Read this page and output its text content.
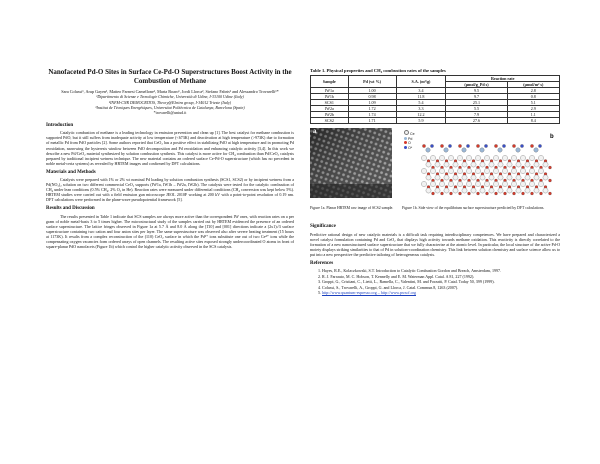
Nanofaceted Pd-O Sites in Surface Ce-Pd-O Superstructures Boost Activity in the Combustion of Methane
Sara Colussi¹, Arup Gayen¹, Matteo Farnesi Camellone¹, Marta Boaro¹, Jordi Llorca², Stefano Fabris³ and Alessandro Trovarelli¹*
¹Dipartimento di Scienze e Tecnologie Chimiche, Università di Udine, I-33100 Udine (Italy)
²INFM-CNR DEMOCRITOS, Theory@Elettra group, I-34012 Trieste (Italy)
³Institut de Tècniques Energètiques, Universitat Politècnica de Catalunya, Barcelona (Spain)
*trovarelli@uniud.it
Introduction

Catalytic combustion of methane is a leading technology in emission prevention and clean up [1]. The best catalyst for methane combustion is supported PdO, but it still suffers from inadequate activity at low temperature (<673K) and deactivation at high temperature (>973K) due to formation of metallic Pd from PdO particles [2]. Some authors reported that CeO₂ has a positive effect in stabilizing PdO at high temperature and in promoting Pd reoxidation, narrowing the hysteresis window between PdO decomposition and Pd reoxidation and enhancing catalytic activity [3,4]. In this work we describe a new Pd/CeO₂ material synthesized by solution combustion synthesis. This catalyst is more active for CH₄ combustion than Pd/CeO₂ catalysts prepared by traditional incipient wetness technique. The new material contains an ordered surface Ce-Pd-O superstructure (which has no precedent in noble metal-ceria systems) as revealed by HRTEM images and confirmed by DFT calculations.

Materials and Methods

Catalysts were prepared with 1% or 2% wt nominal Pd loading by solution combustion synthesis (SCS1, SCS2) or by incipient wetness from a Pd(NO₃)₂ solution on two different commercial CeO₂ supports (IW1a, IW1b – IW2a, IW2b). The catalysts were tested for the catalytic combustion of CH₄ under lean conditions (0.5% CH₄, 2% O₂ in He). Reaction rates were measured under differential conditions (CH₄ conversion was kept below 5%). HRTEM studies were carried out with a field emission gun microscope JEOL 2010F working at 200 kV with a point-to-point resolution of 0.19 nm. DFT calculations were performed in the plane-wave pseudopotential framework [5].

Results and Discussion

The results presented in Table 1 indicate that SCS samples are always more active than the correspondent IW ones, with reaction rates on a per gram of noble metal-basis 3 to 5 times higher. The microstructural study of the samples carried out by HRTEM evidenced the presence of an ordered surface superstructure. The lattice fringes observed in Figure 1a at 5.7 Å and 8.0 Å along the [1̄10] and [001] directions indicate a (2x1)√3 surface superstructure containing two cation and four anion sites per layer. The same superstructure was observed also after severe heating treatment (15 hours at 1173K). It results from a complex reconstruction of the (110) CeO₂ surface in which the Pd²⁺ ions substitute one out of two Ce⁴⁺ ions while the compensating oxygen vacancies form ordered arrays of open channels. The resulting active sites exposed strongly undercoordinated O atoms in front of square-planar PdO nanofacets (Figure 1b) which control the higher catalytic activity observed in the SCS catalysts.

Table 1. Physical properties and CH₄ combustion rates of the samples
Sample	Pd (wt %)	S.A. (m²/g)	Reaction rate	
			(μmol/g_Pd s)	(μmol/m² s)
IW1a	1.00	3.4	9.5	2.8
IW1b	0.98	11.8	9.7	0.8
SCS1	1.09	5.4	25.1	5.1
IW2a	1.72	3.3	5.5	2.9
IW2b	1.74	12.2	7.9	1.1
SCS2	1.71	5.9	27.6	8.4
a
b
Ce
Pd
O
O*
Figure 1a. Planar HRTEM raw image of SCS2 sample.	Figure 1b. Side view of the equilibrium surface superstructure predicted by DFT calculations.
Significance

Predictive rational design of new catalytic materials is a difficult task requiring interdisciplinary competences. We have prepared and characterized a novel catalyst formulation containing Pd and CeO₂ that displays high activity towards methane oxidation. This reactivity is directly correlated to the formation of a new nanostructured surface superstructure that we fully characterize at the atomic level. In particular, the local structure of the active Pd-O moiety displays striking similarities to that of Pd in solution-coordination chemistry. This link between solution chemistry and surface science allow us to put into a new perspective the predictive tailoring of heterogeneous catalysts.

References
1. Hayes, R.E., Kolaczkowski, S.T. Introduction to Catalytic Combustion Gordon and Breach, Amsterdam, 1997.
2. R. J. Farrauto, M. C. Hobson, T. Kennelly and E. M. Waterman Appl. Catal. A 81, 227 (1992).
3. Groppi, G., Cristiani, C., Lietti, L., Ramella, C., Valentini, M. and Forzatti, P. Catal. Today 50, 399 (1999).
4. Colussi, S., Trovarelli, A., Groppi, G. and Llorca, J. Catal. Commun.8, 1263 (2007).
5. http://www.quantum-espresso.org – http://www.pwscf.org
